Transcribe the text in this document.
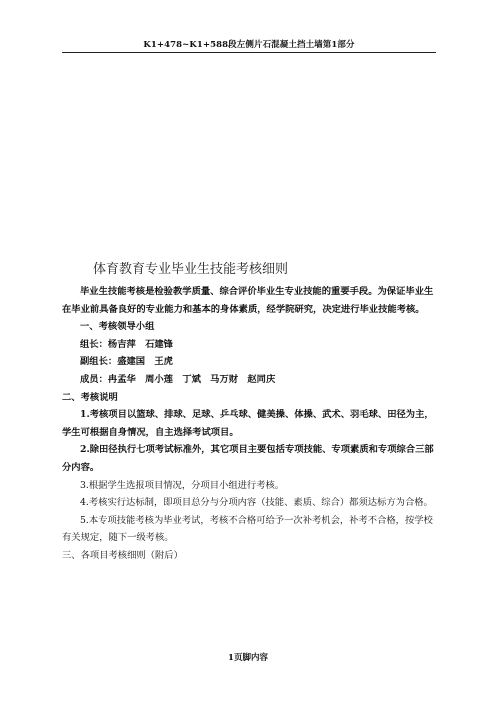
K1+478~K1+588段左侧片石混凝土挡土墙第1部分
体育教育专业毕业生技能考核细则

毕业生技能考核是检验教学质量、综合评价毕业生专业技能的重要手段。为保证毕业生在毕业前具备良好的专业能力和基本的身体素质，经学院研究，决定进行毕业技能考核。

一、考核领导小组

组长：杨吉萍　石建锋

副组长：盛建国　王虎

成员：冉孟华　周小莲　丁斌　马万财　赵同庆

二、考核说明

1.考核项目以篮球、排球、足球、乒乓球、健美操、体操、武术、羽毛球、田径为主，学生可根据自身情况，自主选择考试项目。

2.除田径执行七项考试标准外，其它项目主要包括专项技能、专项素质和专项综合三部分内容。

3.根据学生选报项目情况，分项目小组进行考核。

4.考核实行达标制，即项目总分与分项内容（技能、素质、综合）都须达标方为合格。

5.本专项技能考核为毕业考试，考核不合格可给予一次补考机会，补考不合格，按学校有关规定，随下一级考核。

三、各项目考核细则（附后）

1页脚内容
